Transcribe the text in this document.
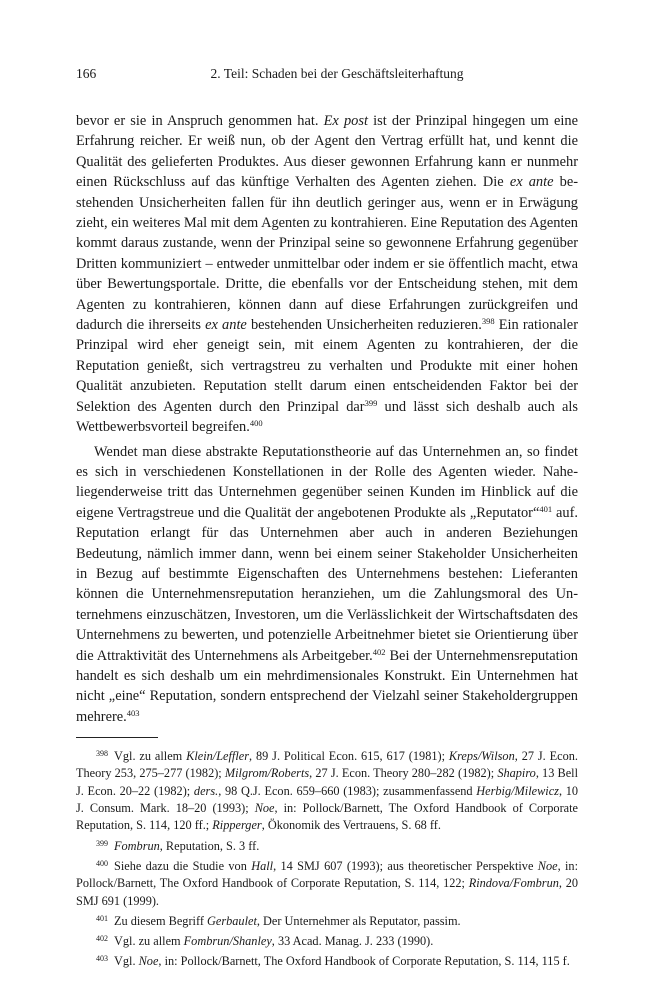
166	2. Teil: Schaden bei der Geschäftsleiterhaftung

bevor er sie in Anspruch genommen hat. Ex post ist der Prinzipal hingegen um eine Erfahrung reicher. Er weiß nun, ob der Agent den Vertrag erfüllt hat, und kennt die Qualität des gelieferten Produktes. Aus dieser gewonnen Erfahrung kann er nunmehr einen Rückschluss auf das künftige Verhalten des Agenten ziehen. Die ex ante bestehenden Unsicherheiten fallen für ihn deutlich geringer aus, wenn er in Erwägung zieht, ein weiteres Mal mit dem Agenten zu kontrahieren. Eine Reputation des Agenten kommt daraus zustande, wenn der Prinzipal seine so gewonnene Erfahrung gegenüber Dritten kommuniziert – entweder unmittelbar oder indem er sie öffentlich macht, etwa über Bewertungsportale. Dritte, die ebenfalls vor der Entscheidung stehen, mit dem Agenten zu kontrahieren, können dann auf diese Erfahrungen zurückgreifen und dadurch die ihrerseits ex ante bestehenden Unsicherheiten reduzieren.$^{398}$ Ein rationaler Prinzipal wird eher geneigt sein, mit einem Agenten zu kontrahieren, der die Reputation genießt, sich vertragstreu zu verhalten und Produkte mit einer hohen Qualität anzubieten. Reputation stellt darum einen entscheidenden Faktor bei der Selektion des Agenten durch den Prinzipal dar$^{399}$ und lässt sich deshalb auch als Wettbewerbsvorteil begreifen.$^{400}$

Wendet man diese abstrakte Reputationstheorie auf das Unternehmen an, so findet es sich in verschiedenen Konstellationen in der Rolle des Agenten wieder. Naheliegenderweise tritt das Unternehmen gegenüber seinen Kunden im Hinblick auf die eigene Vertragstreue und die Qualität der angebotenen Produkte als „Reputator“$^{401}$ auf. Reputation erlangt für das Unternehmen aber auch in anderen Beziehungen Bedeutung, nämlich immer dann, wenn bei einem seiner Stakeholder Unsicherheiten in Bezug auf bestimmte Eigenschaften des Unternehmens bestehen: Lieferanten können die Unternehmensreputation heranziehen, um die Zahlungsmoral des Unternehmens einzuschätzen, Investoren, um die Verlässlichkeit der Wirtschaftsdaten des Unternehmens zu bewerten, und potenzielle Arbeitnehmer bietet sie Orientierung über die Attraktivität des Unternehmens als Arbeitgeber.$^{402}$ Bei der Unternehmensreputation handelt es sich deshalb um ein mehrdimensionales Konstrukt. Ein Unternehmen hat nicht „eine“ Reputation, sondern entsprechend der Vielzahl seiner Stakeholdergruppen mehrere.$^{403}$

$^{398}$ Vgl. zu allem Klein/Leffler, 89 J. Political Econ. 615, 617 (1981); Kreps/Wilson, 27 J. Econ. Theory 253, 275–277 (1982); Milgrom/Roberts, 27 J. Econ. Theory 280–282 (1982); Shapiro, 13 Bell J. Econ. 20–22 (1982); ders., 98 Q.J. Econ. 659–660 (1983); zusammenfassend Herbig/Milewicz, 10 J. Consum. Mark. 18–20 (1993); Noe, in: Pollock/Barnett, The Oxford Handbook of Corporate Reputation, S. 114, 120 ff.; Ripperger, Ökonomik des Vertrauens, S. 68 ff.

$^{399}$ Fombrun, Reputation, S. 3 ff.

$^{400}$ Siehe dazu die Studie von Hall, 14 SMJ 607 (1993); aus theoretischer Perspektive Noe, in: Pollock/Barnett, The Oxford Handbook of Corporate Reputation, S. 114, 122; Rindova/Fombrun, 20 SMJ 691 (1999).

$^{401}$ Zu diesem Begriff Gerbaulet, Der Unternehmer als Reputator, passim.

$^{402}$ Vgl. zu allem Fombrun/Shanley, 33 Acad. Manag. J. 233 (1990).

$^{403}$ Vgl. Noe, in: Pollock/Barnett, The Oxford Handbook of Corporate Reputation, S. 114, 115 f.
